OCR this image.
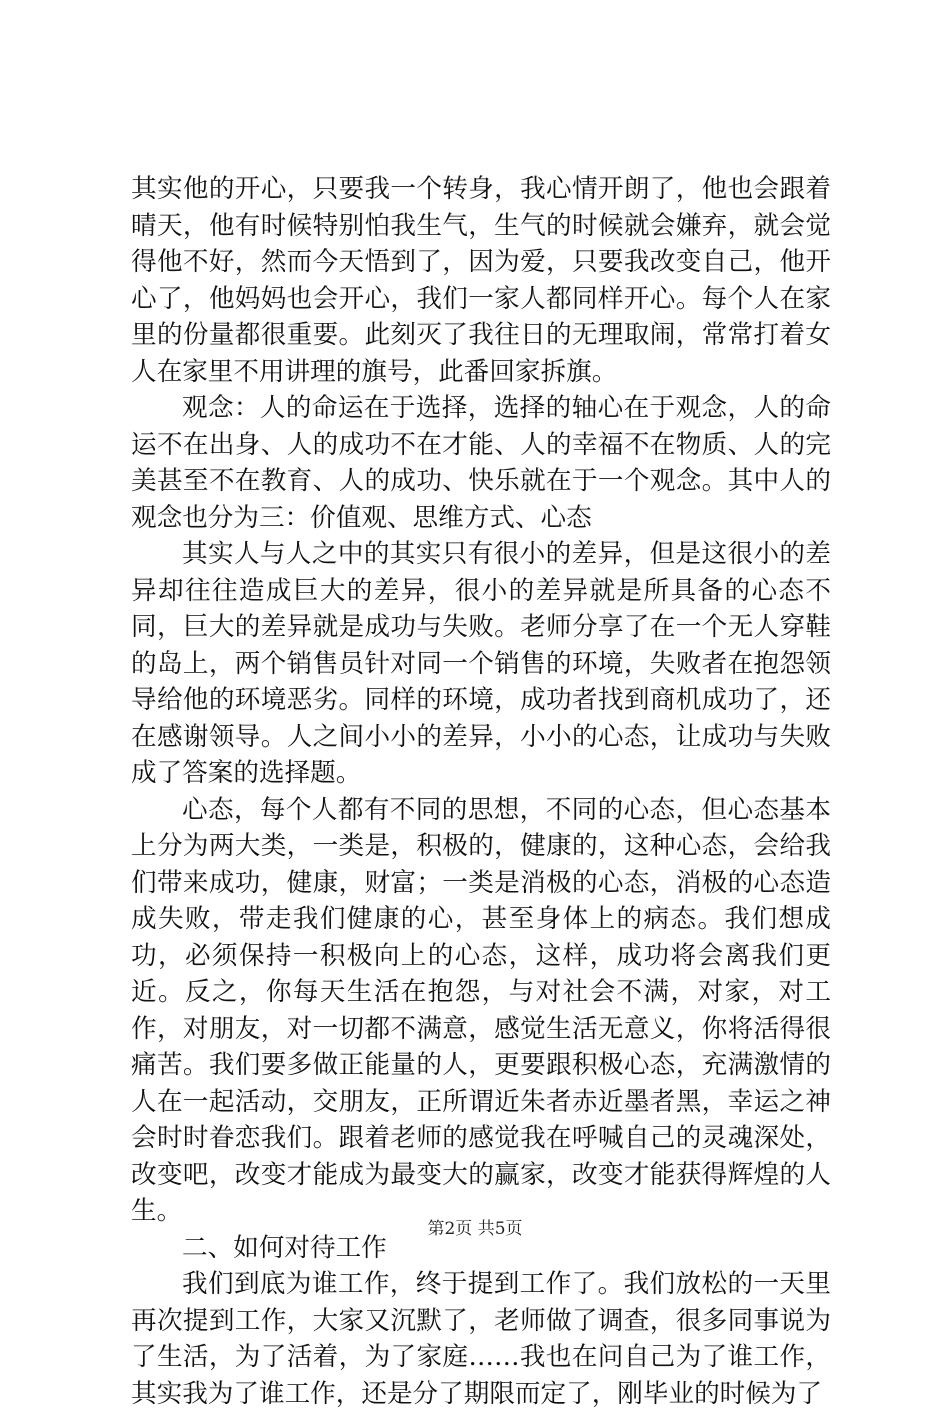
其实他的开心，只要我一个转身，我心情开朗了，他也会跟着晴天，他有时候特别怕我生气，生气的时候就会嫌弃，就会觉得他不好，然而今天悟到了，因为爱，只要我改变自己，他开心了，他妈妈也会开心，我们一家人都同样开心。每个人在家里的份量都很重要。此刻灭了我往日的无理取闹，常常打着女人在家里不用讲理的旗号，此番回家拆旗。

观念：人的命运在于选择，选择的轴心在于观念，人的命运不在出身、人的成功不在才能、人的幸福不在物质、人的完美甚至不在教育、人的成功、快乐就在于一个观念。其中人的观念也分为三：价值观、思维方式、心态

其实人与人之中的其实只有很小的差异，但是这很小的差异却往往造成巨大的差异，很小的差异就是所具备的心态不同，巨大的差异就是成功与失败。老师分享了在一个无人穿鞋的岛上，两个销售员针对同一个销售的环境，失败者在抱怨领导给他的环境恶劣。同样的环境，成功者找到商机成功了，还在感谢领导。人之间小小的差异，小小的心态，让成功与失败成了答案的选择题。

心态，每个人都有不同的思想，不同的心态，但心态基本上分为两大类，一类是，积极的，健康的，这种心态，会给我们带来成功，健康，财富；一类是消极的心态，消极的心态造成失败，带走我们健康的心，甚至身体上的病态。我们想成功，必须保持一积极向上的心态，这样，成功将会离我们更近。反之，你每天生活在抱怨，与对社会不满，对家，对工作，对朋友，对一切都不满意，感觉生活无意义，你将活得很痛苦。我们要多做正能量的人，更要跟积极心态，充满激情的人在一起活动，交朋友，正所谓近朱者赤近墨者黑，幸运之神会时时眷恋我们。跟着老师的感觉我在呼喊自己的灵魂深处，改变吧，改变才能成为最变大的赢家，改变才能获得辉煌的人生。

二、如何对待工作

我们到底为谁工作，终于提到工作了。我们放松的一天里再次提到工作，大家又沉默了，老师做了调查，很多同事说为了生活，为了活着，为了家庭……我也在问自己为了谁工作，其实我为了谁工作，还是分了期限而定了，刚毕业的时候为了

第2页 共5页
